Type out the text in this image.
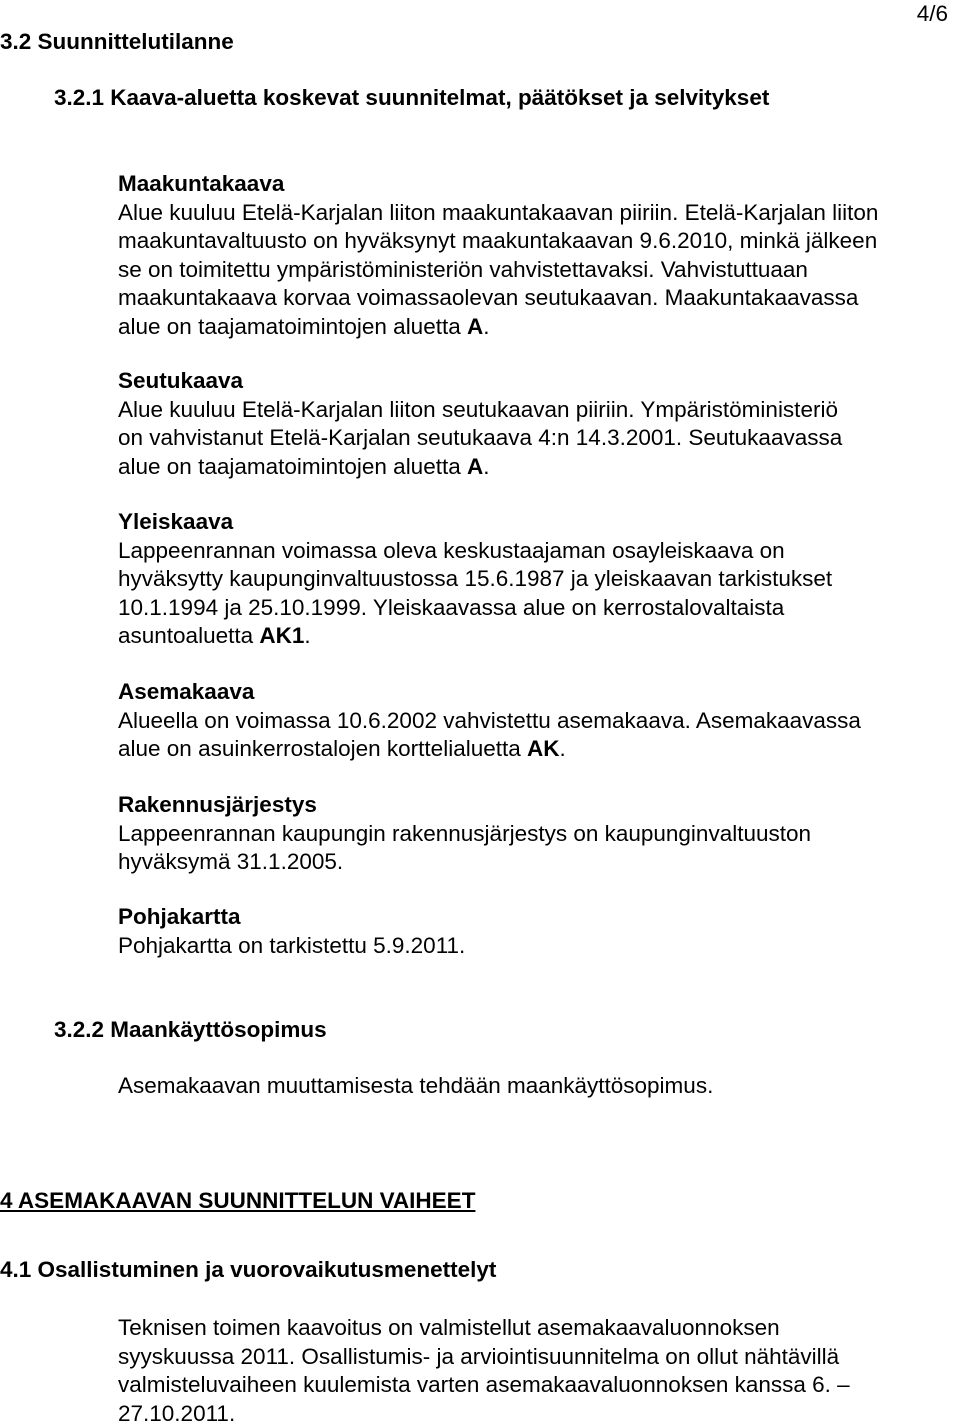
4/6
3.2 Suunnittelutilanne
3.2.1 Kaava-aluetta koskevat suunnitelmat, päätökset ja selvitykset

Maakuntakaava

Alue kuuluu Etelä-Karjalan liiton maakuntakaavan piiriin. Etelä-Karjalan liiton

maakuntavaltuusto on hyväksynyt maakuntakaavan 9.6.2010, minkä jälkeen

se on toimitettu ympäristöministeriön vahvistettavaksi. Vahvistuttuaan

maakuntakaava korvaa voimassaolevan seutukaavan. Maakuntakaavassa

alue on taajamatoimintojen aluetta A.

Seutukaava

Alue kuuluu Etelä-Karjalan liiton seutukaavan piiriin. Ympäristöministeriö

on vahvistanut Etelä-Karjalan seutukaava 4:n 14.3.2001. Seutukaavassa

alue on taajamatoimintojen aluetta A.

Yleiskaava

Lappeenrannan voimassa oleva keskustaajaman osayleiskaava on

hyväksytty kaupunginvaltuustossa 15.6.1987 ja yleiskaavan tarkistukset

10.1.1994 ja 25.10.1999. Yleiskaavassa alue on kerrostalovaltaista

asuntoaluetta AK1.

Asemakaava

Alueella on voimassa 10.6.2002 vahvistettu asemakaava. Asemakaavassa

alue on asuinkerrostalojen korttelialuetta AK.

Rakennusjärjestys

Lappeenrannan kaupungin rakennusjärjestys on kaupunginvaltuuston

hyväksymä 31.1.2005.

Pohjakartta

Pohjakartta on tarkistettu 5.9.2011.

3.2.2 Maankäyttösopimus
Asemakaavan muuttamisesta tehdään maankäyttösopimus.
4 ASEMAKAAVAN SUUNNITTELUN VAIHEET
4.1 Osallistuminen ja vuorovaikutusmenettelyt

Teknisen toimen kaavoitus on valmistellut asemakaavaluonnoksen

syyskuussa 2011. Osallistumis- ja arviointisuunnitelma on ollut nähtävillä

valmisteluvaiheen kuulemista varten asemakaavaluonnoksen kanssa 6. –

27.10.2011.
